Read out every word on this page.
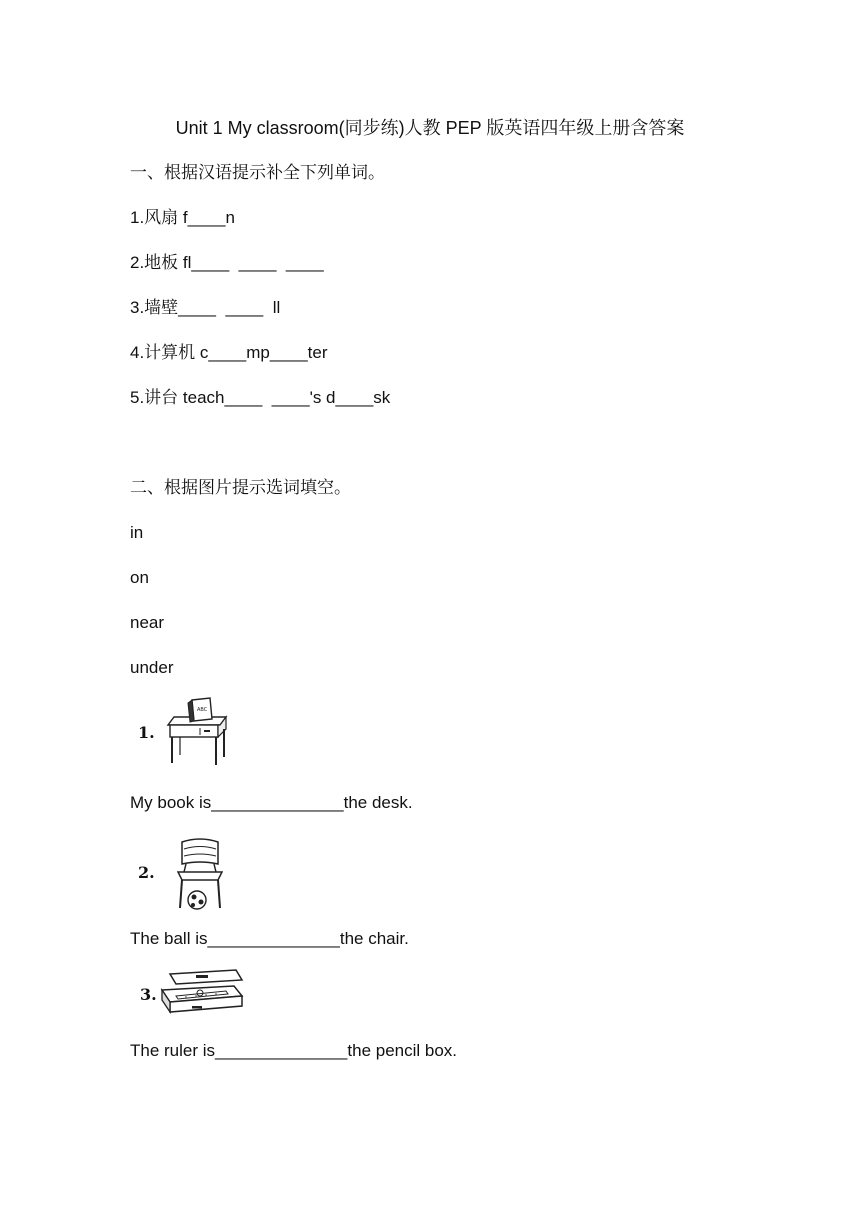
Unit 1 My classroom(同步练)人教 PEP 版英语四年级上册含答案
一、根据汉语提示补全下列单词。
1.风扇 f____n
2.地板 fl____  ____  ____
3.墙壁____  ____  ll
4.计算机 c____mp____ter
5.讲台 teach____  ____'s d____sk
二、根据图片提示选词填空。
in
on
near
under
1.
ABC
My book is______________the desk.
2.
The ball is______________the chair.
3.
The ruler is______________the pencil box.
